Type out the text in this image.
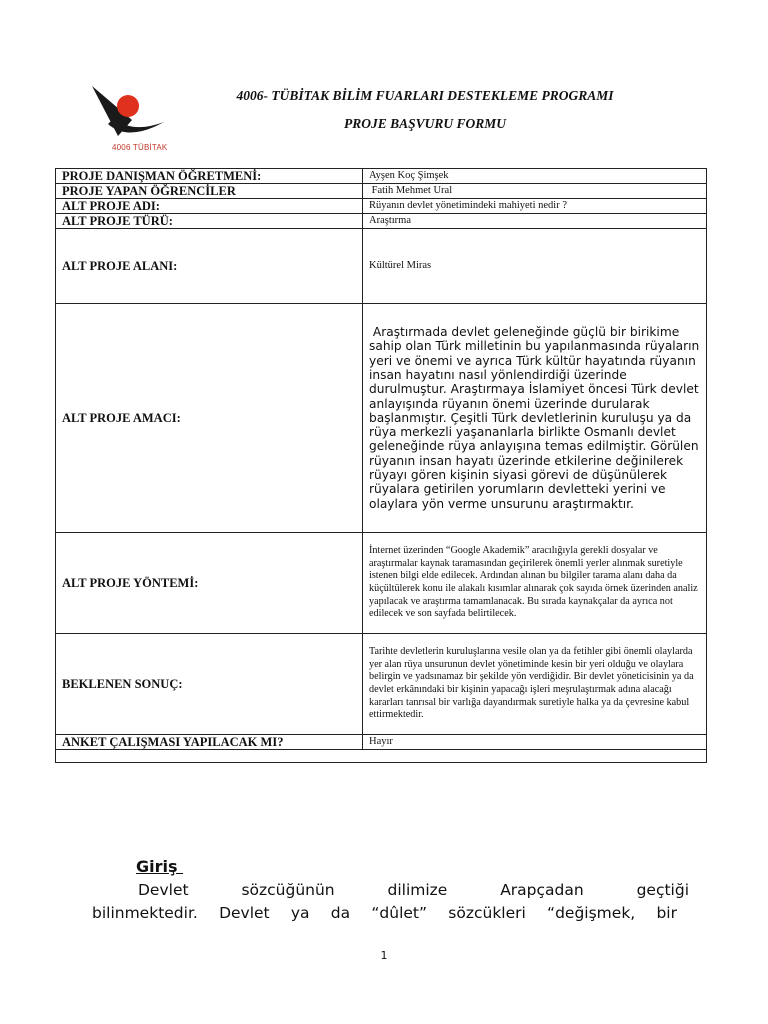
4006 TÜBİTAK
4006- TÜBİTAK BİLİM FUARLARI DESTEKLEME PROGRAMI
PROJE BAŞVURU FORMU
PROJE DANIŞMAN ÖĞRETMENİ:	Ayşen Koç Şimşek
PROJE YAPAN ÖĞRENCİLER	Fatih Mehmet Ural
ALT PROJE ADI:	Rüyanın devlet yönetimindeki mahiyeti nedir ?
ALT PROJE TÜRÜ:	Araştırma
ALT PROJE ALANI:	Kültürel Miras
ALT PROJE AMACI:	Araştırmada devlet geleneğinde güçlü bir birikime sahip olan Türk milletinin bu yapılanmasında rüyaların yeri ve önemi ve ayrıca Türk kültür hayatında rüyanın insan hayatını nasıl yönlendirdiği üzerinde durulmuştur. Araştırmaya İslamiyet öncesi Türk devlet anlayışında rüyanın önemi üzerinde durularak başlanmıştır. Çeşitli Türk devletlerinin kuruluşu ya da rüya merkezli yaşananlarla birlikte Osmanlı devlet geleneğinde rüya anlayışına temas edilmiştir. Görülen rüyanın insan hayatı üzerinde etkilerine değinilerek rüyayı gören kişinin siyasi görevi de düşünülerek rüyalara getirilen yorumların devletteki yerini ve olaylara yön verme unsurunu araştırmaktır.
ALT PROJE YÖNTEMİ:	İnternet üzerinden “Google Akademik” aracılığıyla gerekli dosyalar ve araştırmalar kaynak taramasından geçirilerek önemli yerler alınmak suretiyle istenen bilgi elde edilecek. Ardından alınan bu bilgiler tarama alanı daha da küçültülerek konu ile alakalı kısımlar alınarak çok sayıda örnek üzerinden analiz yapılacak ve araştırma tamamlanacak. Bu sırada kaynakçalar da ayrıca not edilecek ve son sayfada belirtilecek.
BEKLENEN SONUÇ:	Tarihte devletlerin kuruluşlarına vesile olan ya da fetihler gibi önemli olaylarda yer alan rüya unsurunun devlet yönetiminde kesin bir yeri olduğu ve olaylara belirgin ve yadsınamaz bir şekilde yön verdiğidir. Bir devlet yöneticisinin ya da devlet erkânındaki bir kişinin yapacağı işleri meşrulaştırmak adına alacağı kararları tanrısal bir varlığa dayandırmak suretiyle halka ya da çevresine kabul ettirmektedir.
ANKET ÇALIŞMASI YAPILACAK MI?	Hayır

Giriş
Devlet sözcüğünün dilimize Arapçadan geçtiği
bilinmektedir. Devlet ya da “dûlet” sözcükleri “değişmek, bir
1
